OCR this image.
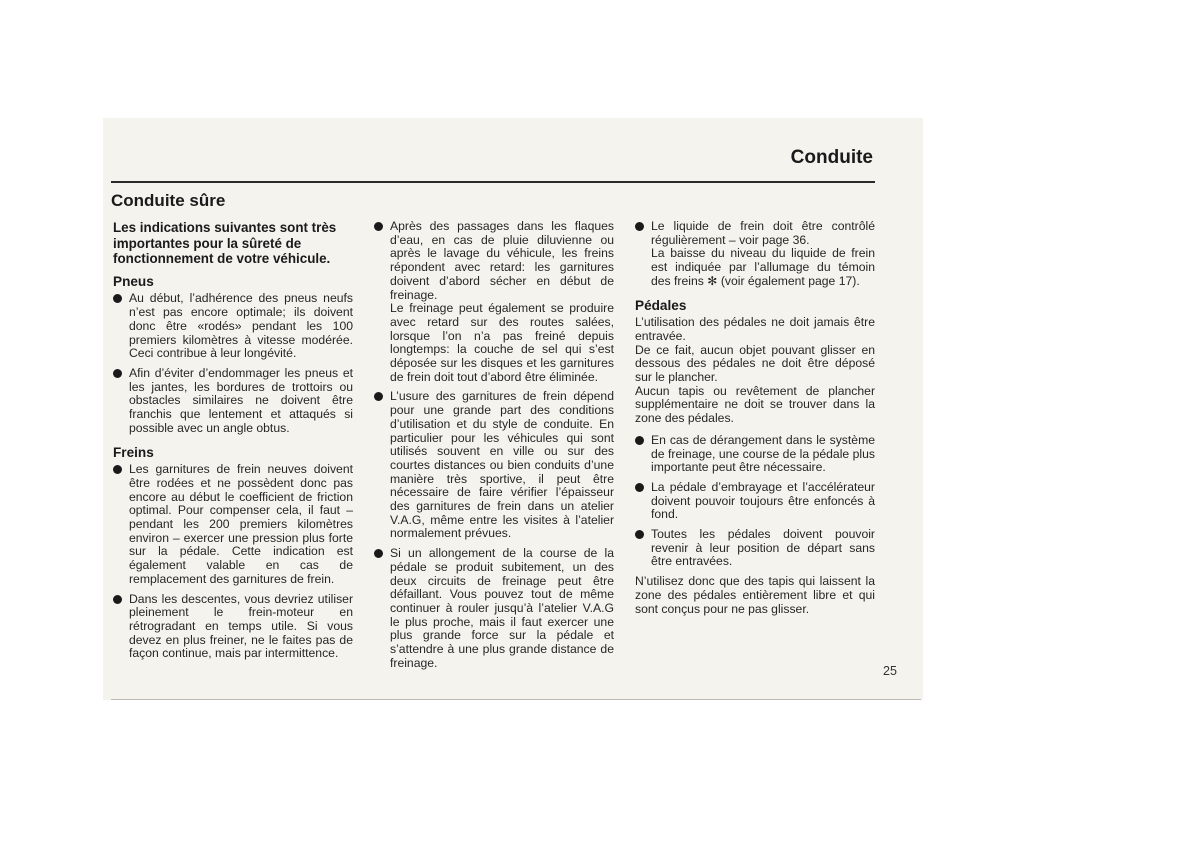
Conduite
Conduite sûre

Les indications suivantes sont très importantes pour la sûreté de fonctionnement de votre véhicule.

Pneus
Au début, l’adhérence des pneus neufs n’est pas encore optimale; ils doivent donc être «rodés» pendant les 100 premiers kilomètres à vitesse modérée. Ceci contribue à leur longévité.
Afin d’éviter d’endommager les pneus et les jantes, les bordures de trottoirs ou obstacles similaires ne doivent être franchis que lentement et attaqués si possible avec un angle obtus.
Freins
Les garnitures de frein neuves doivent être rodées et ne possèdent donc pas encore au début le coefficient de friction optimal. Pour compenser cela, il faut – pendant les 200 premiers kilomètres environ – exercer une pression plus forte sur la pédale. Cette indication est également valable en cas de remplacement des garnitures de frein.
Dans les descentes, vous devriez utiliser pleinement le frein-moteur en rétrogradant en temps utile. Si vous devez en plus freiner, ne le faites pas de façon continue, mais par intermittence.
Après des passages dans les flaques d’eau, en cas de pluie diluvienne ou après le lavage du véhicule, les freins répondent avec retard: les garnitures doivent d’abord sécher en début de freinage.
Le freinage peut également se produire avec retard sur des routes salées, lorsque l’on n’a pas freiné depuis longtemps: la couche de sel qui s’est déposée sur les disques et les garnitures de frein doit tout d’abord être éliminée.
L’usure des garnitures de frein dépend pour une grande part des conditions d’utilisation et du style de conduite. En particulier pour les véhicules qui sont utilisés souvent en ville ou sur des courtes distances ou bien conduits d’une manière très sportive, il peut être nécessaire de faire vérifier l’épaisseur des garnitures de frein dans un atelier V.A.G, même entre les visites à l’atelier normalement prévues.
Si un allongement de la course de la pédale se produit subitement, un des deux circuits de freinage peut être défaillant. Vous pouvez tout de même continuer à rouler jusqu’à l’atelier V.A.G le plus proche, mais il faut exercer une plus grande force sur la pédale et s’attendre à une plus grande distance de freinage.
Le liquide de frein doit être contrôlé régulièrement – voir page 36.
La baisse du niveau du liquide de frein est indiquée par l’allumage du témoin des freins ✻ (voir également page 17).
Pédales

L’utilisation des pédales ne doit jamais être entravée.

De ce fait, aucun objet pouvant glisser en dessous des pédales ne doit être déposé sur le plancher.

Aucun tapis ou revêtement de plancher supplémentaire ne doit se trouver dans la zone des pédales.

En cas de dérangement dans le système de freinage, une course de la pédale plus importante peut être nécessaire.
La pédale d’embrayage et l’accélérateur doivent pouvoir toujours être enfoncés à fond.
Toutes les pédales doivent pouvoir revenir à leur position de départ sans être entravées.

N’utilisez donc que des tapis qui laissent la zone des pédales entièrement libre et qui sont conçus pour ne pas glisser.

25
